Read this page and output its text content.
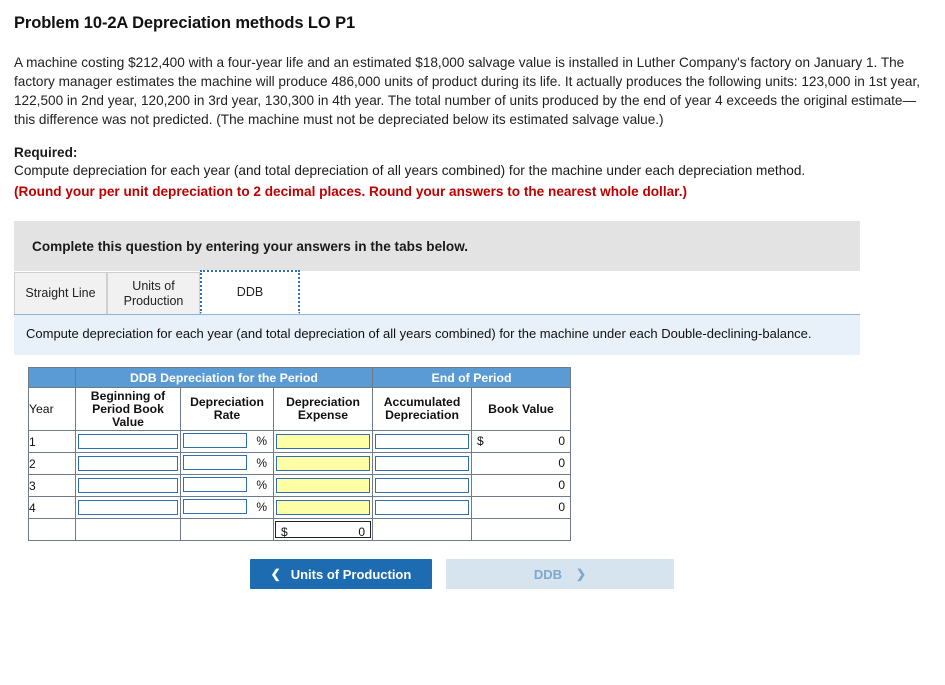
Problem 10-2A Depreciation methods LO P1
A machine costing $212,400 with a four-year life and an estimated $18,000 salvage value is installed in Luther Company's factory on January 1. The factory manager estimates the machine will produce 486,000 units of product during its life. It actually produces the following units: 123,000 in 1st year, 122,500 in 2nd year, 120,200 in 3rd year, 130,300 in 4th year. The total number of units produced by the end of year 4 exceeds the original estimate—this difference was not predicted. (The machine must not be depreciated below its estimated salvage value.)
Required:
Compute depreciation for each year (and total depreciation of all years combined) for the machine under each depreciation method.
(Round your per unit depreciation to 2 decimal places. Round your answers to the nearest whole dollar.)
Complete this question by entering your answers in the tabs below.
Straight Line
Units of Production
DDB
Compute depreciation for each year (and total depreciation of all years combined) for the machine under each Double-declining-balance.
	DDB Depreciation for the Period			End of Period	
Year	Beginning of Period Book Value	Depreciation Rate	Depreciation Expense	Accumulated Depreciation	Book Value
1		%			$ 0

2		%			0

3		%			0

4		%			0

			$ 0		

❮ Units of Production	DDB ❯
